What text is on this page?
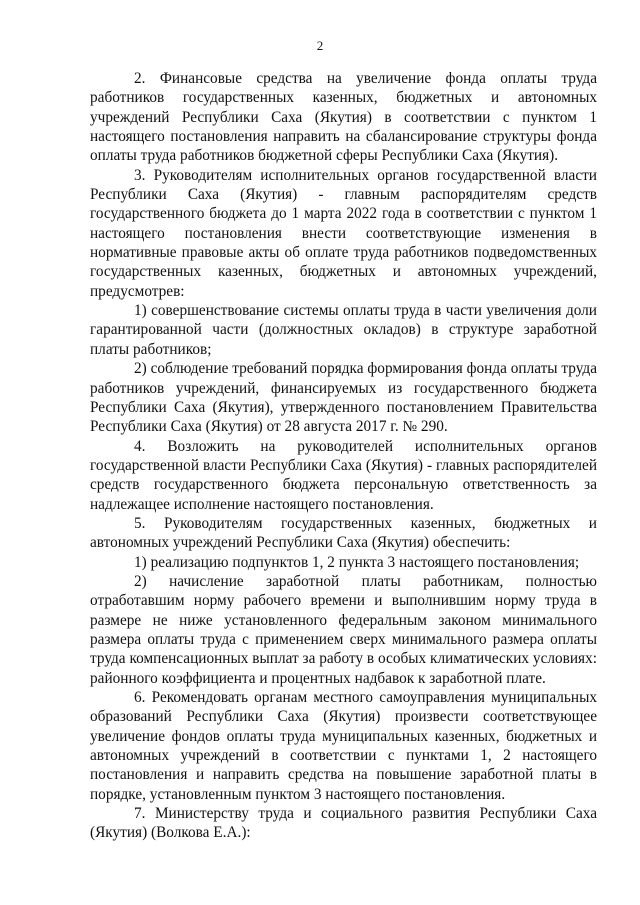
2

2. Финансовые средства на увеличение фонда оплаты труда работников государственных казенных, бюджетных и автономных учреждений Республики Саха (Якутия) в соответствии с пунктом 1 настоящего постановления направить на сбалансирование структуры фонда оплаты труда работников бюджетной сферы Республики Саха (Якутия).

3. Руководителям исполнительных органов государственной власти Республики Саха (Якутия) - главным распорядителям средств государственного бюджета до 1 марта 2022 года в соответствии с пунктом 1 настоящего постановления внести соответствующие изменения в нормативные правовые акты об оплате труда работников подведомственных государственных казенных, бюджетных и автономных учреждений, предусмотрев:

1) совершенствование системы оплаты труда в части увеличения доли гарантированной части (должностных окладов) в структуре заработной платы работников;

2) соблюдение требований порядка формирования фонда оплаты труда работников учреждений, финансируемых из государственного бюджета Республики Саха (Якутия), утвержденного постановлением Правительства Республики Саха (Якутия) от 28 августа 2017 г. № 290.

4. Возложить на руководителей исполнительных органов государственной власти Республики Саха (Якутия) - главных распорядителей средств государственного бюджета персональную ответственность за надлежащее исполнение настоящего постановления.

5. Руководителям государственных казенных, бюджетных и автономных учреждений Республики Саха (Якутия) обеспечить:

1) реализацию подпунктов 1, 2 пункта 3 настоящего постановления;

2) начисление заработной платы работникам, полностью отработавшим норму рабочего времени и выполнившим норму труда в размере не ниже установленного федеральным законом минимального размера оплаты труда с применением сверх минимального размера оплаты труда компенсационных выплат за работу в особых климатических условиях: районного коэффициента и процентных надбавок к заработной плате.

6. Рекомендовать органам местного самоуправления муниципальных образований Республики Саха (Якутия) произвести соответствующее увеличение фондов оплаты труда муниципальных казенных, бюджетных и автономных учреждений в соответствии с пунктами 1, 2 настоящего постановления и направить средства на повышение заработной платы в порядке, установленным пунктом 3 настоящего постановления.

7. Министерству труда и социального развития Республики Саха (Якутия) (Волкова Е.А.):
